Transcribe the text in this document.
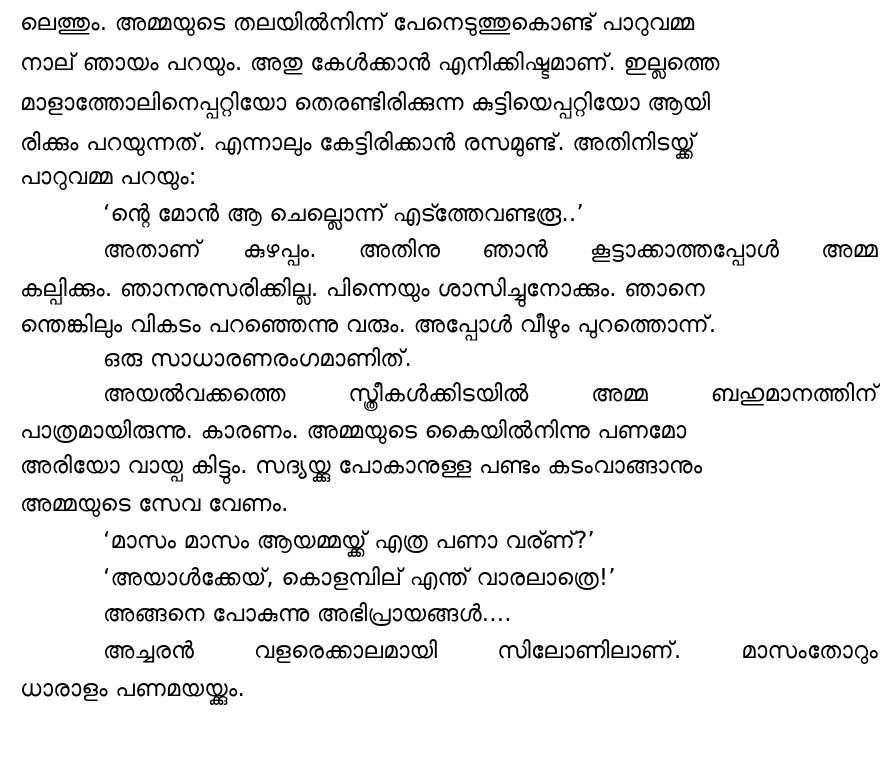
ലെത്തും. അമ്മയുടെ തലയിൽനിന്ന് പേനെടുത്തുകൊണ്ട് പാറുവമ്മ
നാല് ഞായം പറയും. അതു കേൾക്കാൻ എനിക്കിഷ്ടമാണ്. ഇല്ലത്തെ
മാളാത്തോലിനെപ്പറ്റിയോ തെരണ്ടിരിക്കുന്ന കുട്ടിയെപ്പറ്റിയോ ആയി
രിക്കും പറയുന്നത്. എന്നാലും കേട്ടിരിക്കാൻ രസമുണ്ട്. അതിനിടയ്ക്ക്
പാറുവമ്മ പറയും:
‘ന്റെ മോൻ ആ ചെല്ലൊന്ന് എട്ത്തേവണ്ടരൂ..’
അതാണ് കുഴപ്പം. അതിനു ഞാൻ കൂട്ടാക്കാത്തപ്പോൾ അമ്മ
കല്പിക്കും. ഞാനനുസരിക്കില്ല. പിന്നെയും ശാസിച്ചുനോക്കും. ഞാനെ
ന്തെങ്കിലും വികടം പറഞ്ഞെന്നു വരും. അപ്പോൾ വീഴും പുറത്തൊന്ന്.
ഒരു സാധാരണരംഗമാണിത്.
അയൽവക്കത്തെ സ്ത്രീകൾക്കിടയിൽ അമ്മ ബഹുമാനത്തിന്
പാത്രമായിരുന്നു. കാരണം. അമ്മയുടെ കൈയിൽനിന്നു പണമോ
അരിയോ വായ്പ കിട്ടും. സദ്യയ്ക്കു പോകാനുള്ള പണ്ടം കടംവാങ്ങാനും
അമ്മയുടെ സേവ വേണം.
‘മാസം മാസം ആയമ്മയ്ക്ക് എത്ര പണാ വര്ണ്?’
‘അയാൾക്കേയ്, കൊളമ്പില് എന്ത് വാരലാത്രെ!’
അങ്ങനെ പോകുന്നു അഭിപ്രായങ്ങൾ....
അച്ചരൻ വളരെക്കാലമായി സിലോണിലാണ്. മാസംതോറും
ധാരാളം പണമയയ്ക്കും.
